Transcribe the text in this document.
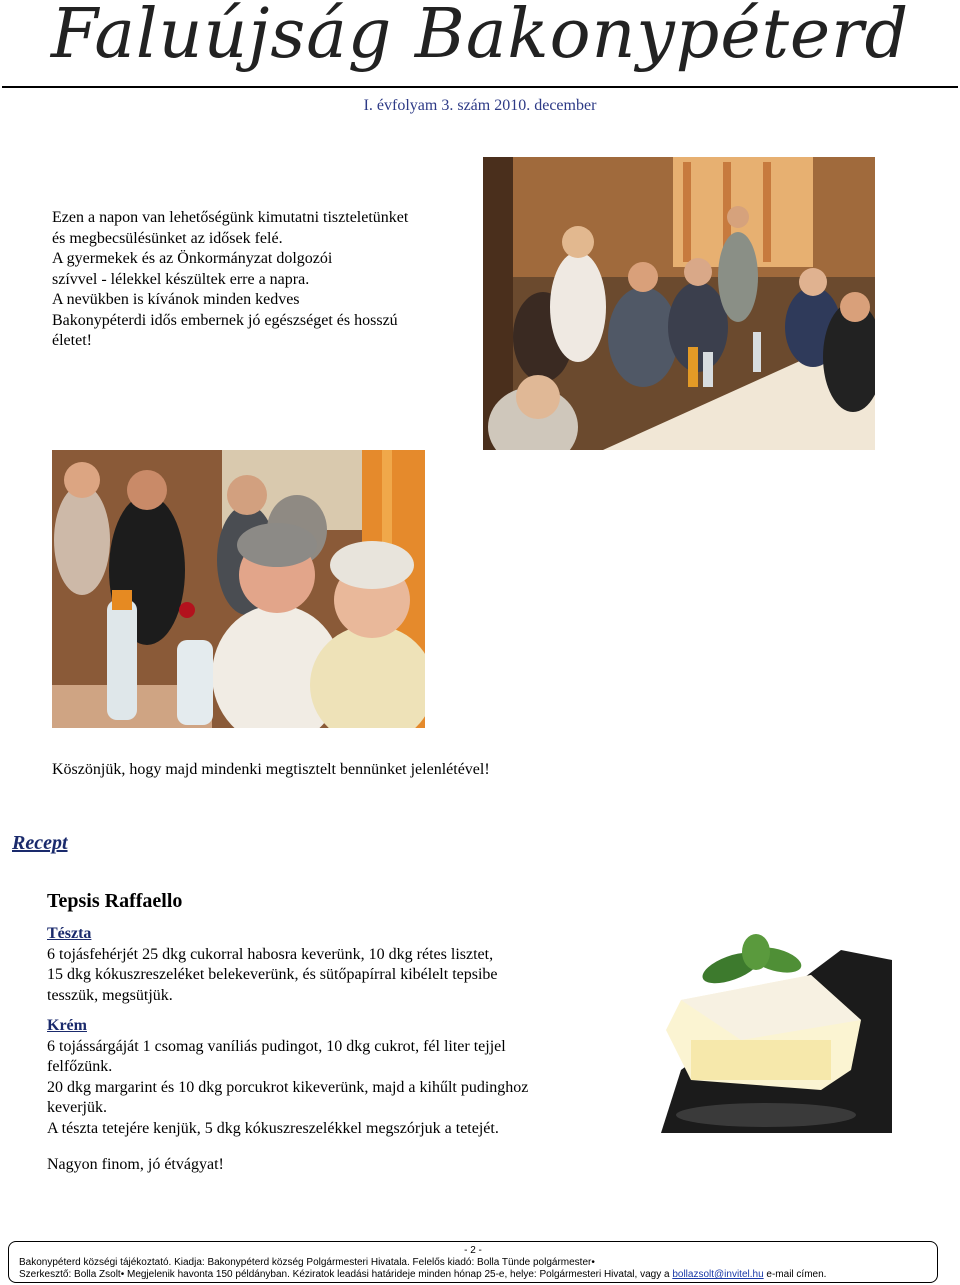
Faluújság Bakonypéterd
I. évfolyam 3. szám 2010. december
Ezen a napon van lehetőségünk kimutatni tiszteletünket
és megbecsülésünket az idősek felé.
A gyermekek és az Önkormányzat dolgozói
szívvel - lélekkel készültek erre a napra.
A nevükben is kívánok minden kedves
Bakonypéterdi idős embernek jó egészséget és hosszú
életet!
Köszönjük, hogy majd mindenki megtisztelt bennünket jelenlétével!
Recept
Tepsis Raffaello
Tészta
6 tojásfehérjét 25 dkg cukorral habosra keverünk, 10 dkg rétes lisztet,
15 dkg kókuszreszeléket belekeverünk, és sütőpapírral kibélelt tepsibe
tesszük, megsütjük.
Krém
6 tojássárgáját 1 csomag vaníliás pudingot, 10 dkg cukrot, fél liter tejjel
felfőzünk.
20 dkg margarint és 10 dkg porcukrot kikeverünk, majd a kihűlt pudinghoz
keverjük.
A tészta tetejére kenjük, 5 dkg kókuszreszelékkel megszórjuk a tetejét.
Nagyon finom, jó étvágyat!
- 2 -
Bakonypéterd községi tájékoztató. Kiadja: Bakonypéterd község Polgármesteri Hivatala. Felelős kiadó: Bolla Tünde polgármester•
Szerkesztő: Bolla Zsolt• Megjelenik havonta 150 példányban. Kéziratok leadási határideje minden hónap 25-e, helye: Polgármesteri Hivatal, vagy a bollazsolt@invitel.hu e-mail címen.
